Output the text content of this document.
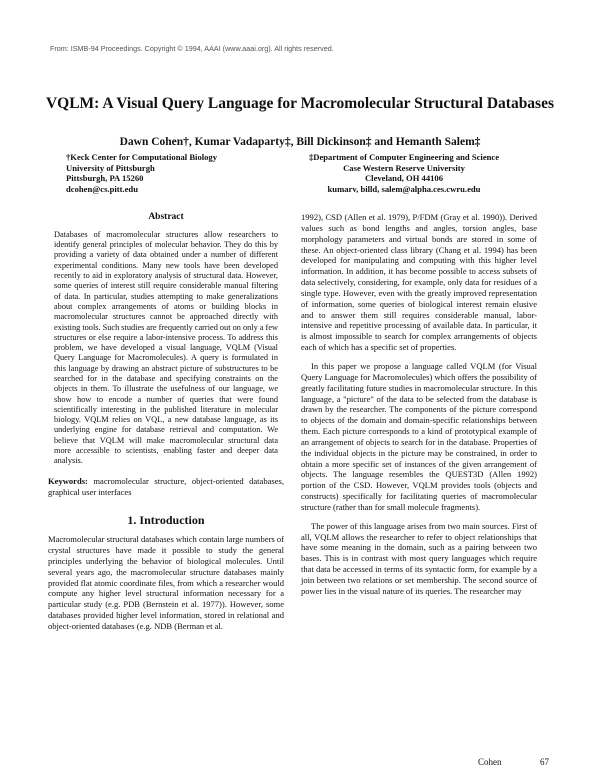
From: ISMB-94 Proceedings. Copyright © 1994, AAAI (www.aaai.org). All rights reserved.
VQLM: A Visual Query Language for Macromolecular Structural Databases
Dawn Cohen†, Kumar Vadaparty‡, Bill Dickinson‡ and Hemanth Salem‡
†Keck Center for Computational Biology
University of Pittsburgh
Pittsburgh, PA 15260
dcohen@cs.pitt.edu
‡Department of Computer Engineering and Science
Case Western Reserve University
Cleveland, OH 44106
kumarv, billd, salem@alpha.ces.cwru.edu

Abstract

Databases of macromolecular structures allow researchers to identify general principles of molecular behavior. They do this by providing a variety of data obtained under a number of different experimental conditions. Many new tools have been developed recently to aid in exploratory analysis of structural data. However, some queries of interest still require considerable manual filtering of data. In particular, studies attempting to make generalizations about complex arrangements of atoms or building blocks in macromolecular structures cannot be approached directly with existing tools. Such studies are frequently carried out on only a few structures or else require a labor-intensive process. To address this problem, we have developed a visual language, VQLM (Visual Query Language for Macromolecules). A query is formulated in this language by drawing an abstract picture of substructures to be searched for in the database and specifying constraints on the objects in them. To illustrate the usefulness of our language, we show how to encode a number of queries that were found scientifically interesting in the published literature in molecular biology. VQLM relies on VQL, a new database language, as its underlying engine for database retrieval and computation. We believe that VQLM will make macromolecular structural data more accessible to scientists, enabling faster and deeper data analysis.

Keywords: macromolecular structure, object-oriented databases, graphical user interfaces

1. Introduction

Macromolecular structural databases which contain large numbers of crystal structures have made it possible to study the general principles underlying the behavior of biological molecules. Until several years ago, the macromolecular structure databases mainly provided flat atomic coordinate files, from which a researcher would compute any higher level structural information necessary for a particular study (e.g. PDB (Bernstein et al. 1977)). However, some databases provided higher level information, stored in relational and object-oriented databases (e.g. NDB (Berman et al.

1992), CSD (Allen et al. 1979), P/FDM (Gray et al. 1990)). Derived values such as bond lengths and angles, torsion angles, base morphology parameters and virtual bonds are stored in some of these. An object-oriented class library (Chang et al. 1994) has been developed for manipulating and computing with this higher level information. In addition, it has become possible to access subsets of data selectively, considering, for example, only data for residues of a single type. However, even with the greatly improved representation of information, some queries of biological interest remain elusive and to answer them still requires considerable manual, labor-intensive and repetitive processing of available data. In particular, it is almost impossible to search for complex arrangements of objects each of which has a specific set of properties.

In this paper we propose a language called VQLM (for Visual Query Language for Macromolecules) which offers the possibility of greatly facilitating future studies in macromolecular structure. In this language, a "picture" of the data to be selected from the database is drawn by the researcher. The components of the picture correspond to objects of the domain and domain-specific relationships between them. Each picture corresponds to a kind of prototypical example of an arrangement of objects to search for in the database. Properties of the individual objects in the picture may be constrained, in order to obtain a more specific set of instances of the given arrangement of objects. The language resembles the QUEST3D (Allen 1992) portion of the CSD. However, VQLM provides tools (objects and constructs) specifically for facilitating queries of macromolecular structure (rather than for small molecule fragments).

The power of this language arises from two main sources. First of all, VQLM allows the researcher to refer to object relationships that have some meaning in the domain, such as a pairing between two bases. This is in contrast with most query languages which require that data be accessed in terms of its syntactic form, for example by a join between two relations or set membership. The second source of power lies in the visual nature of its queries. The researcher may

Cohen	67
